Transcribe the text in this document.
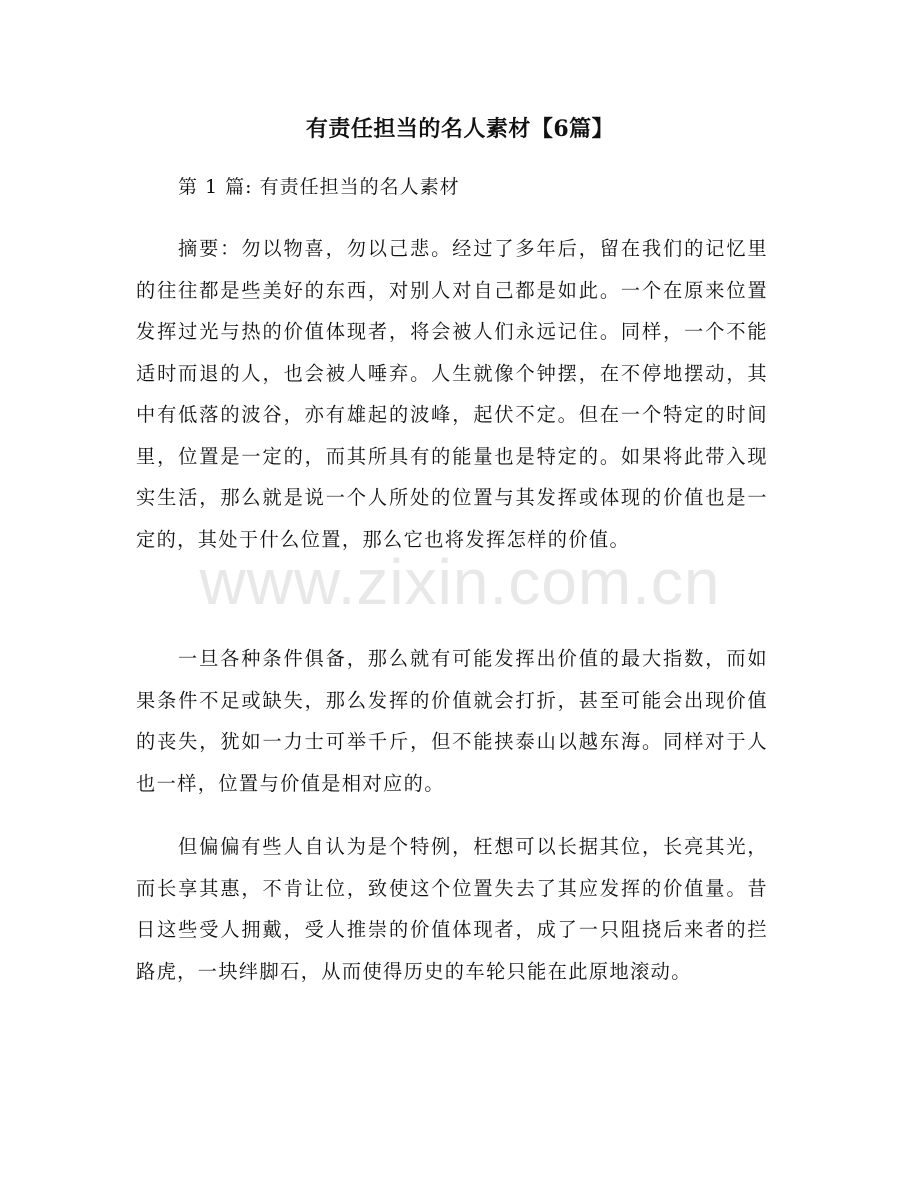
有责任担当的名人素材【6篇】
第 1 篇: 有责任担当的名人素材

摘要：勿以物喜，勿以己悲。经过了多年后，留在我们的记忆里的往往都是些美好的东西，对别人对自己都是如此。一个在原来位置发挥过光与热的价值体现者，将会被人们永远记住。同样，一个不能适时而退的人，也会被人唾弃。人生就像个钟摆，在不停地摆动，其中有低落的波谷，亦有雄起的波峰，起伏不定。但在一个特定的时间里，位置是一定的，而其所具有的能量也是特定的。如果将此带入现实生活，那么就是说一个人所处的位置与其发挥或体现的价值也是一定的，其处于什么位置，那么它也将发挥怎样的价值。

一旦各种条件俱备，那么就有可能发挥出价值的最大指数，而如果条件不足或缺失，那么发挥的价值就会打折，甚至可能会出现价值的丧失，犹如一力士可举千斤，但不能挟泰山以越东海。同样对于人也一样，位置与价值是相对应的。

但偏偏有些人自认为是个特例，枉想可以长据其位，长亮其光，而长享其惠，不肯让位，致使这个位置失去了其应发挥的价值量。昔日这些受人拥戴，受人推崇的价值体现者，成了一只阻挠后来者的拦路虎，一块绊脚石，从而使得历史的车轮只能在此原地滚动。

www.zixin.com.cn
